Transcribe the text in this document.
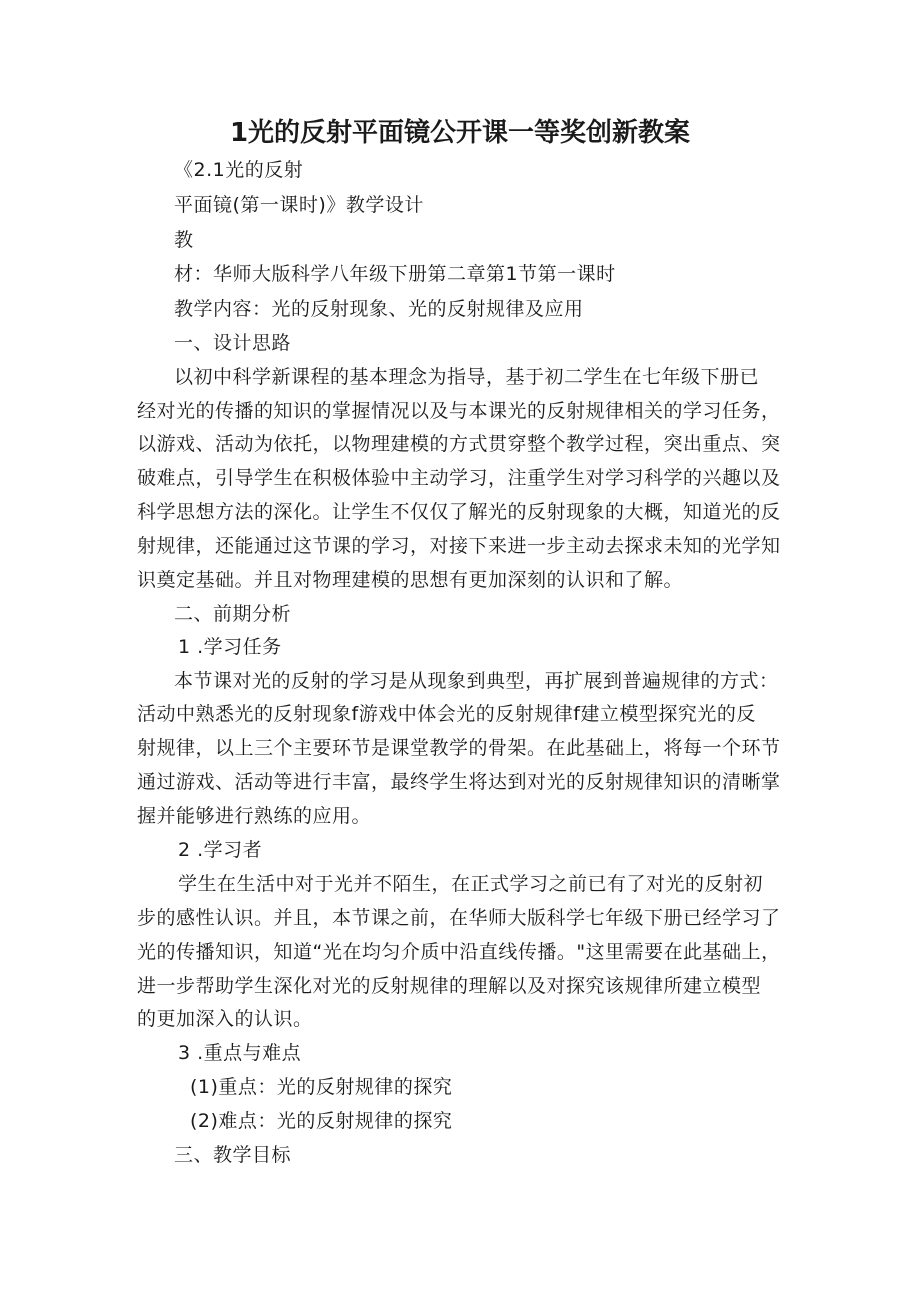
1光的反射平面镜公开课一等奖创新教案
《2.1光的反射
平面镜(第一课时)》教学设计
教
材：华师大版科学八年级下册第二章第1节第一课时
教学内容：光的反射现象、光的反射规律及应用
一、设计思路
以初中科学新课程的基本理念为指导，基于初二学生在七年级下册已
经对光的传播的知识的掌握情况以及与本课光的反射规律相关的学习任务，
以游戏、活动为依托，以物理建模的方式贯穿整个教学过程，突出重点、突
破难点，引导学生在积极体验中主动学习，注重学生对学习科学的兴趣以及
科学思想方法的深化。让学生不仅仅了解光的反射现象的大概，知道光的反
射规律，还能通过这节课的学习，对接下来进一步主动去探求未知的光学知
识奠定基础。并且对物理建模的思想有更加深刻的认识和了解。
二、前期分析
1 .学习任务
本节课对光的反射的学习是从现象到典型，再扩展到普遍规律的方式：
活动中熟悉光的反射现象f游戏中体会光的反射规律f建立模型探究光的反
射规律，以上三个主要环节是课堂教学的骨架。在此基础上，将每一个环节
通过游戏、活动等进行丰富，最终学生将达到对光的反射规律知识的清晰掌
握并能够进行熟练的应用。
2 .学习者
学生在生活中对于光并不陌生，在正式学习之前已有了对光的反射初
步的感性认识。并且，本节课之前，在华师大版科学七年级下册已经学习了
光的传播知识，知道“光在均匀介质中沿直线传播。"这里需要在此基础上，
进一步帮助学生深化对光的反射规律的理解以及对探究该规律所建立模型
的更加深入的认识。
3 .重点与难点
(1)重点：光的反射规律的探究
(2)难点：光的反射规律的探究
三、教学目标
